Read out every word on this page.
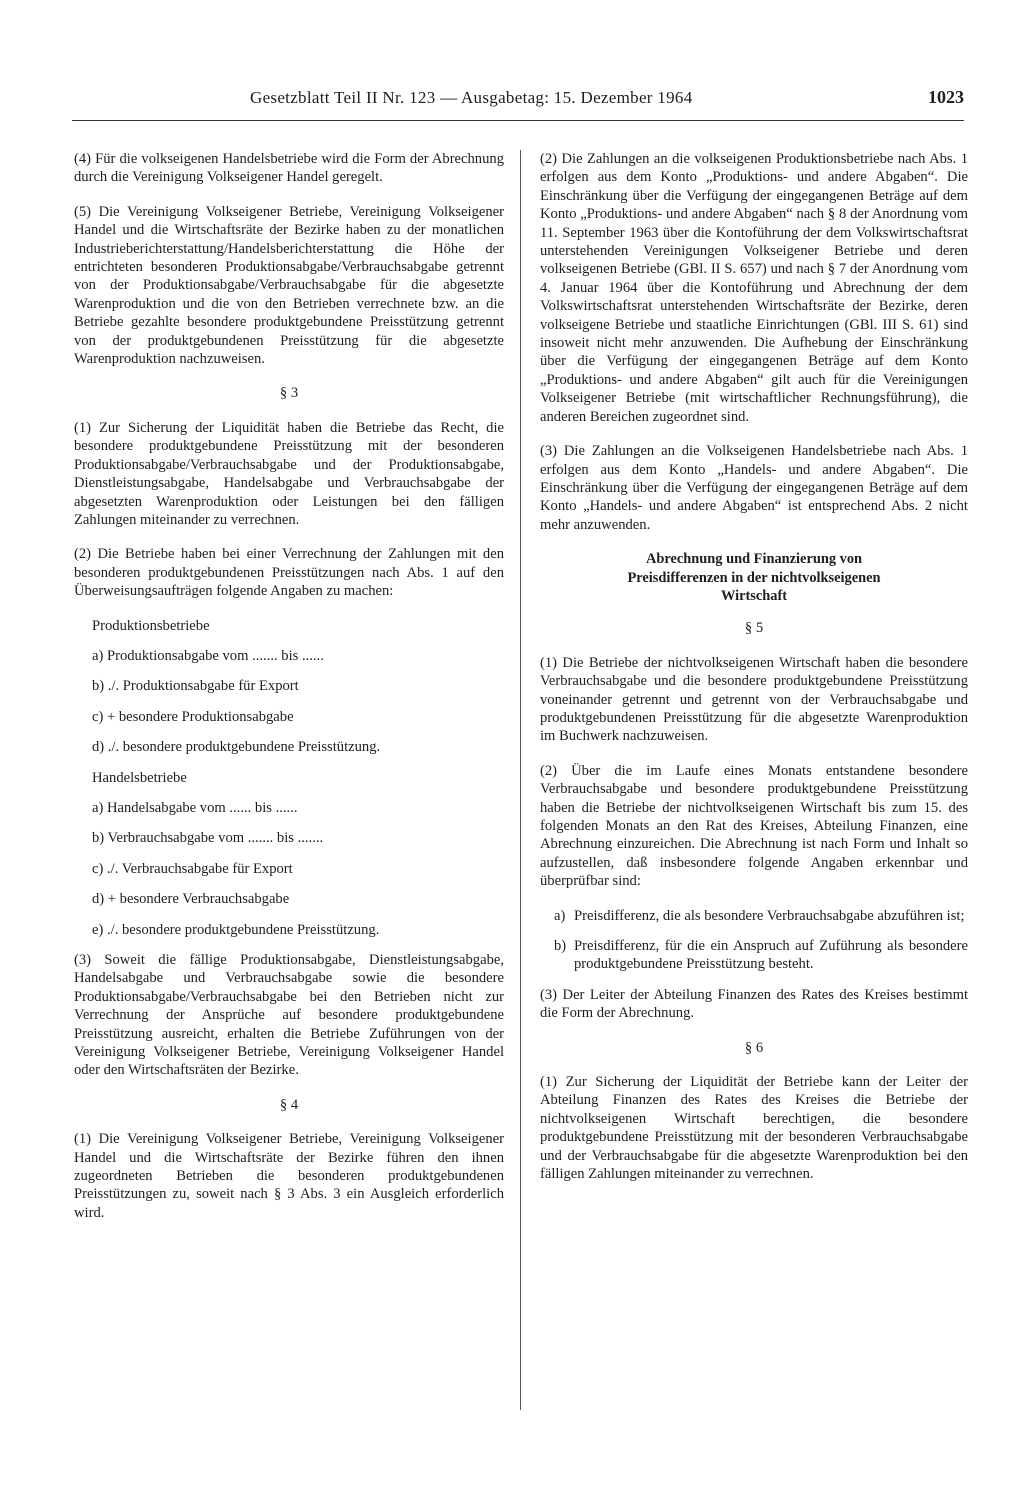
Gesetzblatt Teil II Nr. 123 — Ausgabetag: 15. Dezember 1964	1023

(4) Für die volkseigenen Handelsbetriebe wird die Form der Abrechnung durch die Vereinigung Volkseigener Handel geregelt.

(5) Die Vereinigung Volkseigener Betriebe, Vereinigung Volkseigener Handel und die Wirtschaftsräte der Bezirke haben zu der monatlichen Industrieberichterstattung/Handelsberichterstattung die Höhe der entrichteten besonderen Produktionsabgabe/Verbrauchsabgabe getrennt von der Produktionsabgabe/Verbrauchsabgabe für die abgesetzte Warenproduktion und die von den Betrieben verrechnete bzw. an die Betriebe gezahlte besondere produktgebundene Preisstützung getrennt von der produktgebundenen Preisstützung für die abgesetzte Warenproduktion nachzuweisen.

§ 3

(1) Zur Sicherung der Liquidität haben die Betriebe das Recht, die besondere produktgebundene Preisstützung mit der besonderen Produktionsabgabe/Verbrauchsabgabe und der Produktionsabgabe, Dienstleistungsabgabe, Handelsabgabe und Verbrauchsabgabe der abgesetzten Warenproduktion oder Leistungen bei den fälligen Zahlungen miteinander zu verrechnen.

(2) Die Betriebe haben bei einer Verrechnung der Zahlungen mit den besonderen produktgebundenen Preisstützungen nach Abs. 1 auf den Überweisungsaufträgen folgende Angaben zu machen:

Produktionsbetriebe
a) Produktionsabgabe vom ....... bis ......
b) ./. Produktionsabgabe für Export
c) + besondere Produktionsabgabe
d) ./. besondere produktgebundene Preisstützung.
Handelsbetriebe
a) Handelsabgabe vom ...... bis ......
b) Verbrauchsabgabe vom ....... bis .......
c) ./. Verbrauchsabgabe für Export
d) + besondere Verbrauchsabgabe
e) ./. besondere produktgebundene Preisstützung.

(3) Soweit die fällige Produktionsabgabe, Dienstleistungsabgabe, Handelsabgabe und Verbrauchsabgabe sowie die besondere Produktionsabgabe/Verbrauchsabgabe bei den Betrieben nicht zur Verrechnung der Ansprüche auf besondere produktgebundene Preisstützung ausreicht, erhalten die Betriebe Zuführungen von der Vereinigung Volkseigener Betriebe, Vereinigung Volkseigener Handel oder den Wirtschaftsräten der Bezirke.

§ 4

(1) Die Vereinigung Volkseigener Betriebe, Vereinigung Volkseigener Handel und die Wirtschaftsräte der Bezirke führen den ihnen zugeordneten Betrieben die besonderen produktgebundenen Preisstützungen zu, soweit nach § 3 Abs. 3 ein Ausgleich erforderlich wird.

(2) Die Zahlungen an die volkseigenen Produktionsbetriebe nach Abs. 1 erfolgen aus dem Konto „Produktions- und andere Abgaben“. Die Einschränkung über die Verfügung der eingegangenen Beträge auf dem Konto „Produktions- und andere Abgaben“ nach § 8 der Anordnung vom 11. September 1963 über die Kontoführung der dem Volkswirtschaftsrat unterstehenden Vereinigungen Volkseigener Betriebe und deren volkseigenen Betriebe (GBl. II S. 657) und nach § 7 der Anordnung vom 4. Januar 1964 über die Kontoführung und Abrechnung der dem Volkswirtschaftsrat unterstehenden Wirtschaftsräte der Bezirke, deren volkseigene Betriebe und staatliche Einrichtungen (GBl. III S. 61) sind insoweit nicht mehr anzuwenden. Die Aufhebung der Einschränkung über die Verfügung der eingegangenen Beträge auf dem Konto „Produktions- und andere Abgaben“ gilt auch für die Vereinigungen Volkseigener Betriebe (mit wirtschaftlicher Rechnungsführung), die anderen Bereichen zugeordnet sind.

(3) Die Zahlungen an die Volkseigenen Handelsbetriebe nach Abs. 1 erfolgen aus dem Konto „Handels- und andere Abgaben“. Die Einschränkung über die Verfügung der eingegangenen Beträge auf dem Konto „Handels- und andere Abgaben“ ist entsprechend Abs. 2 nicht mehr anzuwenden.

Abrechnung und Finanzierung von
Preisdifferenzen in der nichtvolkseigenen
Wirtschaft

§ 5

(1) Die Betriebe der nichtvolkseigenen Wirtschaft haben die besondere Verbrauchsabgabe und die besondere produktgebundene Preisstützung voneinander getrennt und getrennt von der Verbrauchsabgabe und produktgebundenen Preisstützung für die abgesetzte Warenproduktion im Buchwerk nachzuweisen.

(2) Über die im Laufe eines Monats entstandene besondere Verbrauchsabgabe und besondere produktgebundene Preisstützung haben die Betriebe der nichtvolkseigenen Wirtschaft bis zum 15. des folgenden Monats an den Rat des Kreises, Abteilung Finanzen, eine Abrechnung einzureichen. Die Abrechnung ist nach Form und Inhalt so aufzustellen, daß insbesondere folgende Angaben erkennbar und überprüfbar sind:

a) Preisdifferenz, die als besondere Verbrauchsabgabe abzuführen ist;
b) Preisdifferenz, für die ein Anspruch auf Zuführung als besondere produktgebundene Preisstützung besteht.

(3) Der Leiter der Abteilung Finanzen des Rates des Kreises bestimmt die Form der Abrechnung.

§ 6

(1) Zur Sicherung der Liquidität der Betriebe kann der Leiter der Abteilung Finanzen des Rates des Kreises die Betriebe der nichtvolkseigenen Wirtschaft berechtigen, die besondere produktgebundene Preisstützung mit der besonderen Verbrauchsabgabe und der Verbrauchsabgabe für die abgesetzte Warenproduktion bei den fälligen Zahlungen miteinander zu verrechnen.
